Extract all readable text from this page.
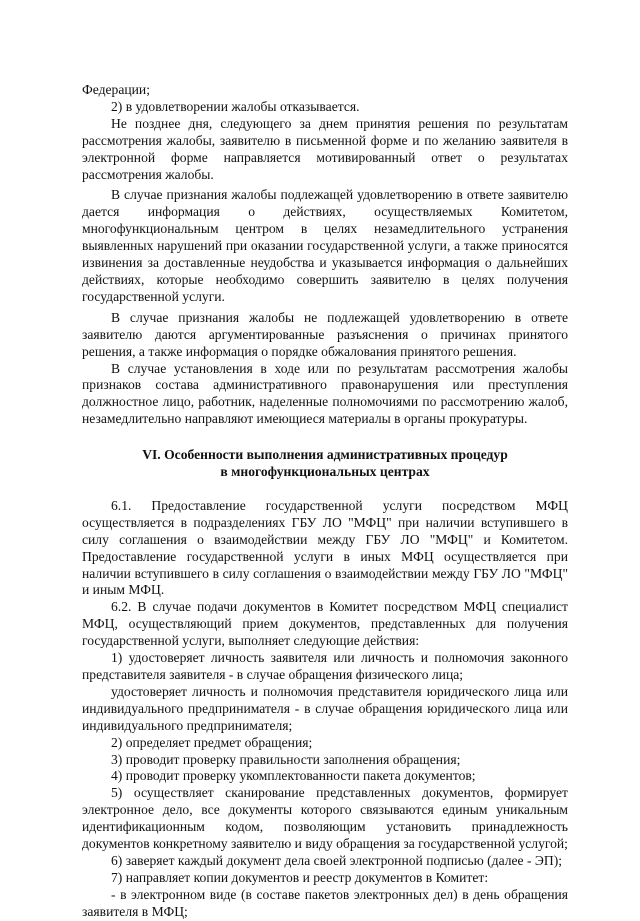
Федерации;

2) в удовлетворении жалобы отказывается.

Не позднее дня, следующего за днем принятия решения по результатам рассмотрения жалобы, заявителю в письменной форме и по желанию заявителя в электронной форме направляется мотивированный ответ о результатах рассмотрения жалобы.

В случае признания жалобы подлежащей удовлетворению в ответе заявителю дается информация о действиях, осуществляемых Комитетом, многофункциональным центром в целях незамедлительного устранения выявленных нарушений при оказании государственной услуги, а также приносятся извинения за доставленные неудобства и указывается информация о дальнейших действиях, которые необходимо совершить заявителю в целях получения государственной услуги.

В случае признания жалобы не подлежащей удовлетворению в ответе заявителю даются аргументированные разъяснения о причинах принятого решения, а также информация о порядке обжалования принятого решения.

В случае установления в ходе или по результатам рассмотрения жалобы признаков состава административного правонарушения или преступления должностное лицо, работник, наделенные полномочиями по рассмотрению жалоб, незамедлительно направляют имеющиеся материалы в органы прокуратуры.

VI. Особенности выполнения административных процедур
в многофункциональных центрах

6.1. Предоставление государственной услуги посредством МФЦ осуществляется в подразделениях ГБУ ЛО "МФЦ" при наличии вступившего в силу соглашения о взаимодействии между ГБУ ЛО "МФЦ" и Комитетом. Предоставление государственной услуги в иных МФЦ осуществляется при наличии вступившего в силу соглашения о взаимодействии между ГБУ ЛО "МФЦ" и иным МФЦ.

6.2. В случае подачи документов в Комитет посредством МФЦ специалист МФЦ, осуществляющий прием документов, представленных для получения государственной услуги, выполняет следующие действия:

1) удостоверяет личность заявителя или личность и полномочия законного представителя заявителя - в случае обращения физического лица;

удостоверяет личность и полномочия представителя юридического лица или индивидуального предпринимателя - в случае обращения юридического лица или индивидуального предпринимателя;

2) определяет предмет обращения;

3) проводит проверку правильности заполнения обращения;

4) проводит проверку укомплектованности пакета документов;

5) осуществляет сканирование представленных документов, формирует электронное дело, все документы которого связываются единым уникальным идентификационным кодом, позволяющим установить принадлежность документов конкретному заявителю и виду обращения за государственной услугой;

6) заверяет каждый документ дела своей электронной подписью (далее - ЭП);

7) направляет копии документов и реестр документов в Комитет:

- в электронном виде (в составе пакетов электронных дел) в день обращения заявителя в МФЦ;
